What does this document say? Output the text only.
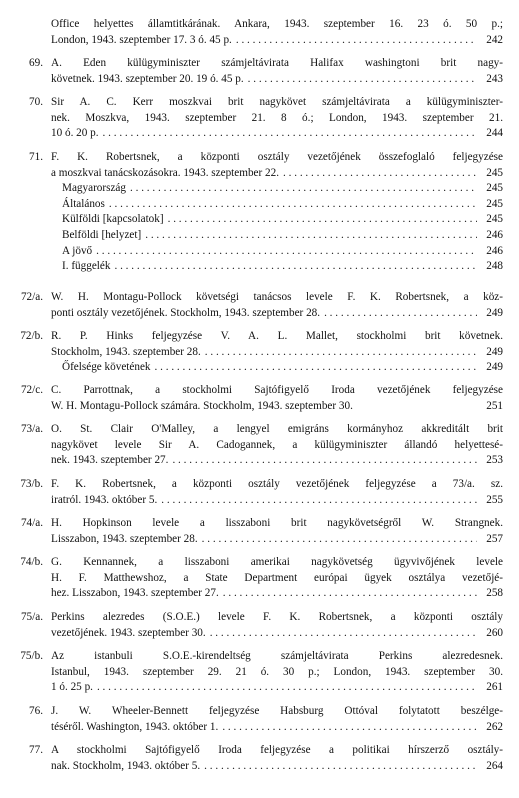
Office helyettes államtitkárának. Ankara, 1943. szeptember 16. 23 ó. 50 p.;
London, 1943. szeptember 17. 3 ó. 45 p. . . .	242
69. A. Eden külügyminiszter számjeltávirata Halifax washingtoni brit nagy-
követnek. 1943. szeptember 20. 19 ó. 45 p. . . .	243
70. Sir A. C. Kerr moszkvai brit nagykövet számjeltávirata a külügyminiszter-
nek. Moszkva, 1943. szeptember 21. 8 ó.; London, 1943. szeptember 21.
10 ó. 20 p. . . .	244
71. F. K. Robertsnek, a központi osztály vezetőjének összefoglaló feljegyzése
a moszkvai tanácskozásokra. 1943. szeptember 22. . . .	245
Magyarország . . .	245
Általános . . .	245
Külföldi [kapcsolatok] . . .	245
Belföldi [helyzet] . . .	246
A jövő . . .	246
I. függelék . . .	248
72/a. W. H. Montagu-Pollock követségi tanácsos levele F. K. Robertsnek, a köz-
ponti osztály vezetőjének. Stockholm, 1943. szeptember 28. . . .	249
72/b. R. P. Hinks feljegyzése V. A. L. Mallet, stockholmi brit követnek.
Stockholm, 1943. szeptember 28. . . .	249
Őfelsége követének . . .	249
72/c. C. Parrottnak, a stockholmi Sajtófigyelő Iroda vezetőjének feljegyzése
W. H. Montagu-Pollock számára. Stockholm, 1943. szeptember 30.	251
73/a. O. St. Clair O'Malley, a lengyel emigráns kormányhoz akkreditált brit
nagykövet levele Sir A. Cadogannek, a külügyminiszter állandó helyettesé-
nek. 1943. szeptember 27. . . .	253
73/b. F. K. Robertsnek, a központi osztály vezetőjének feljegyzése a 73/a. sz.
iratról. 1943. október 5. . . .	255
74/a. H. Hopkinson levele a lisszaboni brit nagykövetségről W. Strangnek.
Lisszabon, 1943. szeptember 28. . . .	257
74/b. G. Kennannek, a lisszaboni amerikai nagykövetség ügyvivőjének levele
H. F. Matthewshoz, a State Department európai ügyek osztálya vezetőjé-
hez. Lisszabon, 1943. szeptember 27. . . .	258
75/a. Perkins alezredes (S.O.E.) levele F. K. Robertsnek, a központi osztály
vezetőjének. 1943. szeptember 30. . . .	260
75/b. Az istanbuli S.O.E.-kirendeltség számjeltávirata Perkins alezredesnek.
Istanbul, 1943. szeptember 29. 21 ó. 30 p.; London, 1943. szeptember 30.
1 ó. 25 p. . . .	261
76. J. W. Wheeler-Bennett feljegyzése Habsburg Ottóval folytatott beszélge-
téséről. Washington, 1943. október 1. . . .	262
77. A stockholmi Sajtófigyelő Iroda feljegyzése a politikai hírszerző osztály-
nak. Stockholm, 1943. október 5. . . .	264
